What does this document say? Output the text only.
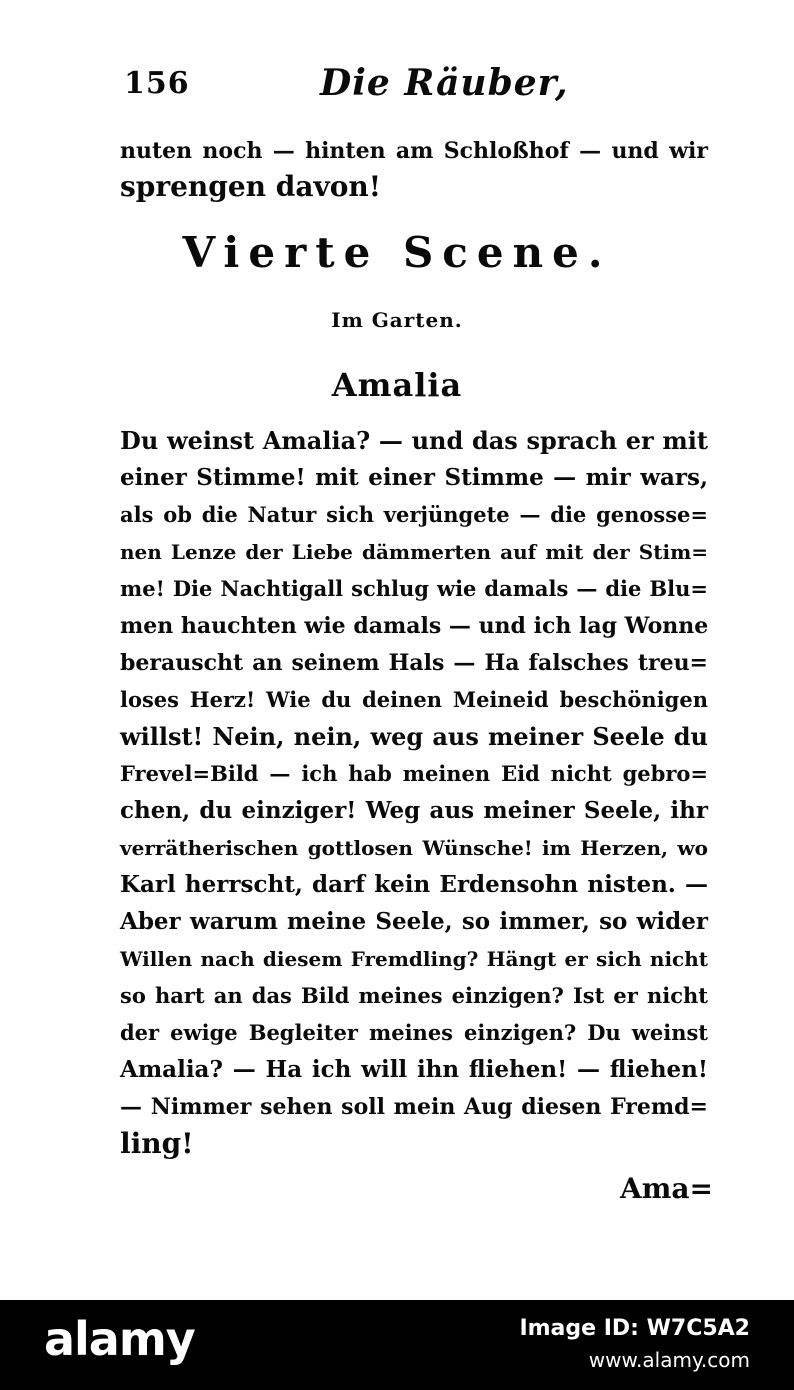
156	Die Räuber,
nuten noch — hinten am Schloßhof — und wir
sprengen davon!
Vierte Scene.
Im Garten.
Amalia
Du weinst Amalia? — und das sprach er mit
einer Stimme! mit einer Stimme — mir wars,
als ob die Natur sich verjüngete — die genosse=
nen Lenze der Liebe dämmerten auf mit der Stim=
me! Die Nachtigall schlug wie damals — die Blu=
men hauchten wie damals — und ich lag Wonne
berauscht an seinem Hals — Ha falsches treu=
loses Herz! Wie du deinen Meineid beschönigen
willst! Nein, nein, weg aus meiner Seele du
Frevel=Bild — ich hab meinen Eid nicht gebro=
chen, du einziger! Weg aus meiner Seele, ihr
verrätherischen gottlosen Wünsche! im Herzen, wo
Karl herrscht, darf kein Erdensohn nisten. —
Aber warum meine Seele, so immer, so wider
Willen nach diesem Fremdling? Hängt er sich nicht
so hart an das Bild meines einzigen? Ist er nicht
der ewige Begleiter meines einzigen? Du weinst
Amalia? — Ha ich will ihn fliehen! — fliehen!
— Nimmer sehen soll mein Aug diesen Fremd=
ling!
Ama=
alamy	Image ID: W7C5A2
www.alamy.com
